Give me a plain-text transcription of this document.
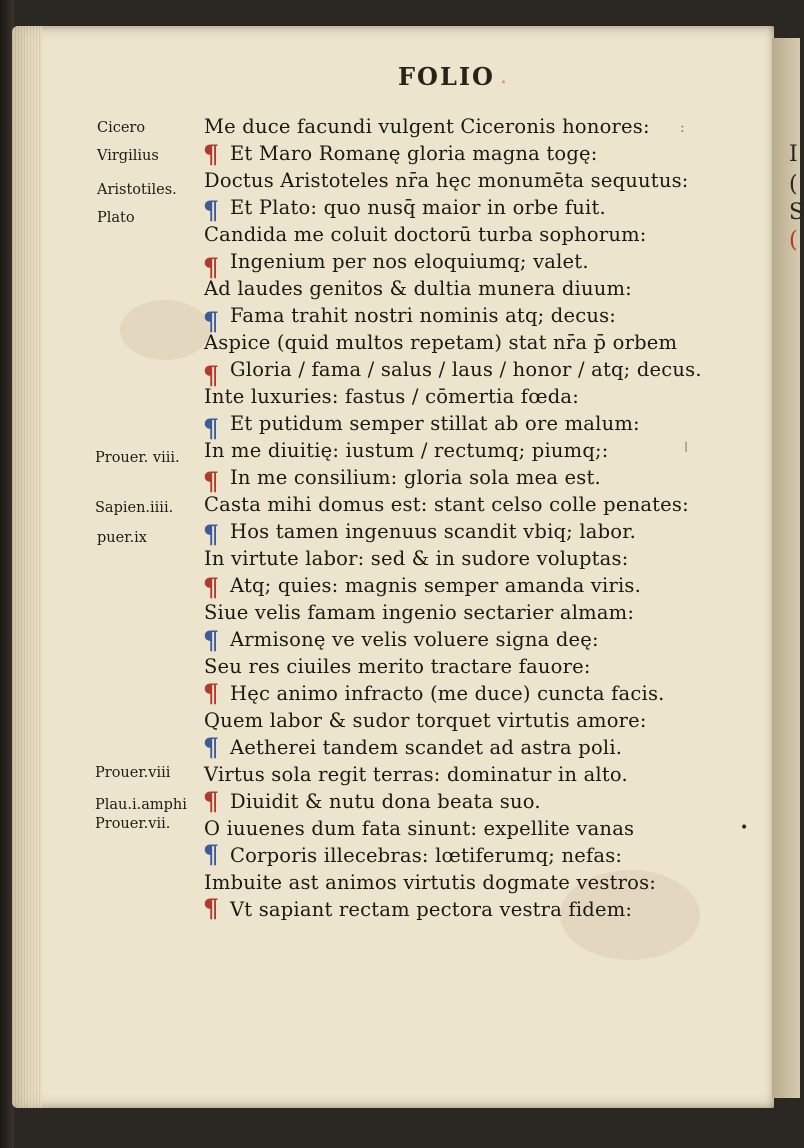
I
(
S
(
FOLIO .
Cicero
Virgilius
Aristotiles.
Plato
Prouer. viii.
Sapien.iiii.
puer.ix
Prouer.viii
Plau.i.amphi
Prouer.vii.
¶
¶
¶
¶
¶
¶
¶
¶
¶
¶
¶
¶
¶
¶
¶
Me duce facundi vulgent Ciceronis honores:
Et Maro Romanę gloria magna togę:
Doctus Aristoteles nr̄a hęc monumēta sequutus:
Et Plato: quo nusq̄ maior in orbe fuit.
Candida me coluit doctorū turba sophorum:
Ingenium per nos eloquiumq; valet.
Ad laudes genitos & dultia munera diuum:
Fama trahit nostri nominis atq; decus:
Aspice (quid multos repetam) stat nr̄a p̄ orbem
Gloria / fama / salus / laus / honor / atq; decus.
Inte luxuries: fastus / cōmertia fœda:
Et putidum semper stillat ab ore malum:
In me diuitię: iustum / rectumq; piumq;:
In me consilium: gloria sola mea est.
Casta mihi domus est: stant celso colle penates:
Hos tamen ingenuus scandit vbiq; labor.
In virtute labor: sed & in sudore voluptas:
Atq; quies: magnis semper amanda viris.
Siue velis famam ingenio sectarier almam:
Armisonę ve velis voluere signa deę:
Seu res ciuiles merito tractare fauore:
Hęc animo infracto (me duce) cuncta facis.
Quem labor & sudor torquet virtutis amore:
Aetherei tandem scandet ad astra poli.
Virtus sola regit terras: dominatur in alto.
Diuidit & nutu dona beata suo.
O iuuenes dum fata sinunt: expellite vanas
Corporis illecebras: lœtiferumq; nefas:
Imbuite ast animos virtutis dogmate vestros:
Vt sapiant rectam pectora vestra fidem:
:
ǀ
•
